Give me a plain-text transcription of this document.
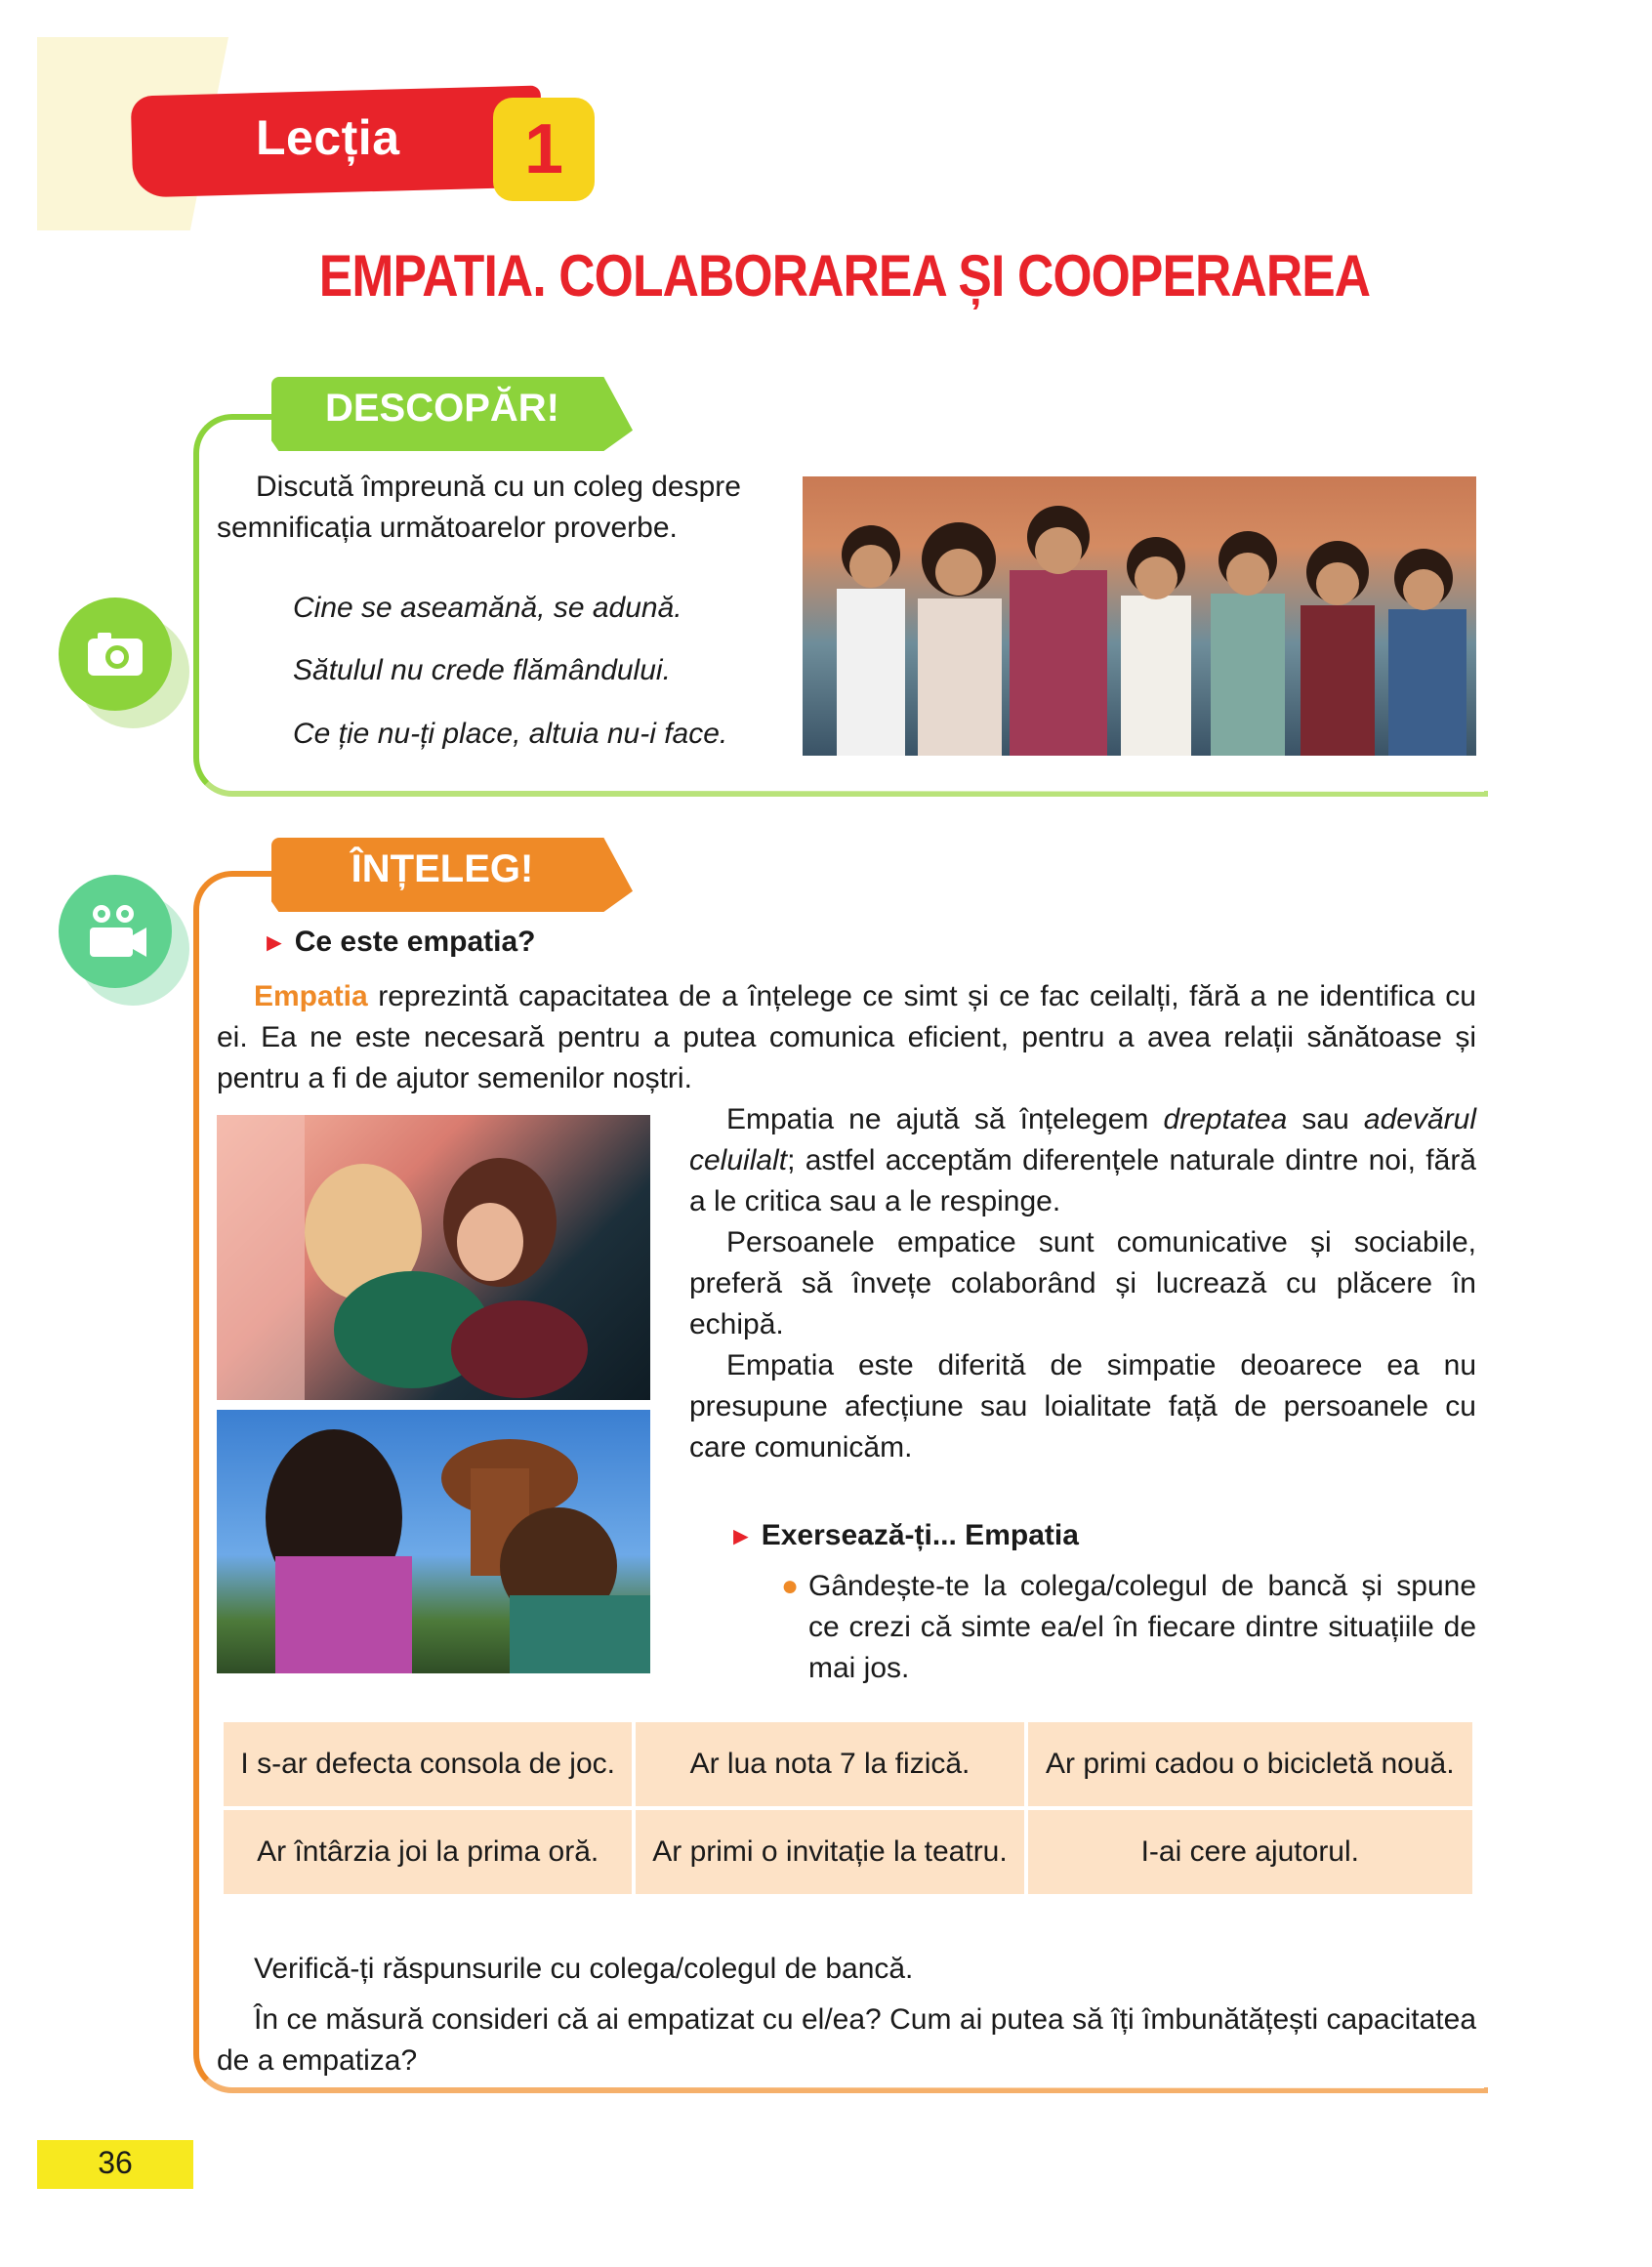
Lecția	1
EMPATIA. COLABORAREA ȘI COOPERAREA
DESCOPĂR!
Discută împreună cu un coleg despre
semnificația următoarelor proverbe.
Cine se aseamănă, se adună.
Sătulul nu crede flămândului.
Ce ție nu-ți place, altuia nu-i face.
ÎNȚELEG!
► Ce este empatia?
Empatia reprezintă capacitatea de a înțelege ce simt și ce fac ceilalți, fără a ne identifica cu ei. Ea ne este necesară pentru a putea comunica eficient, pentru a avea relații sănătoase și pentru a fi de ajutor semenilor noștri.
Empatia ne ajută să înțelegem dreptatea sau adevărul celuilalt; astfel acceptăm diferențele naturale dintre noi, fără a le critica sau a le respinge.
Persoanele empatice sunt comunicative și sociabile, preferă să învețe colaborând și lucrează cu plăcere în echipă.
Empatia este diferită de simpatie deoarece ea nu presupune afecțiune sau loialitate față de persoanele cu care comunicăm.
► Exersează-ți... Empatia
● Gândește-te la colega/colegul de bancă și spune ce crezi că simte ea/el în fiecare dintre situațiile de mai jos.
I s-ar defecta consola de joc.	Ar lua nota 7 la fizică.	Ar primi cadou o bicicletă nouă.
Ar întârzia joi la prima oră.	Ar primi o invitație la teatru.	I-ai cere ajutorul.
Verifică-ți răspunsurile cu colega/colegul de bancă.
În ce măsură consideri că ai empatizat cu el/ea? Cum ai putea să îți îmbunătățești capacitatea de a empatiza?
36
